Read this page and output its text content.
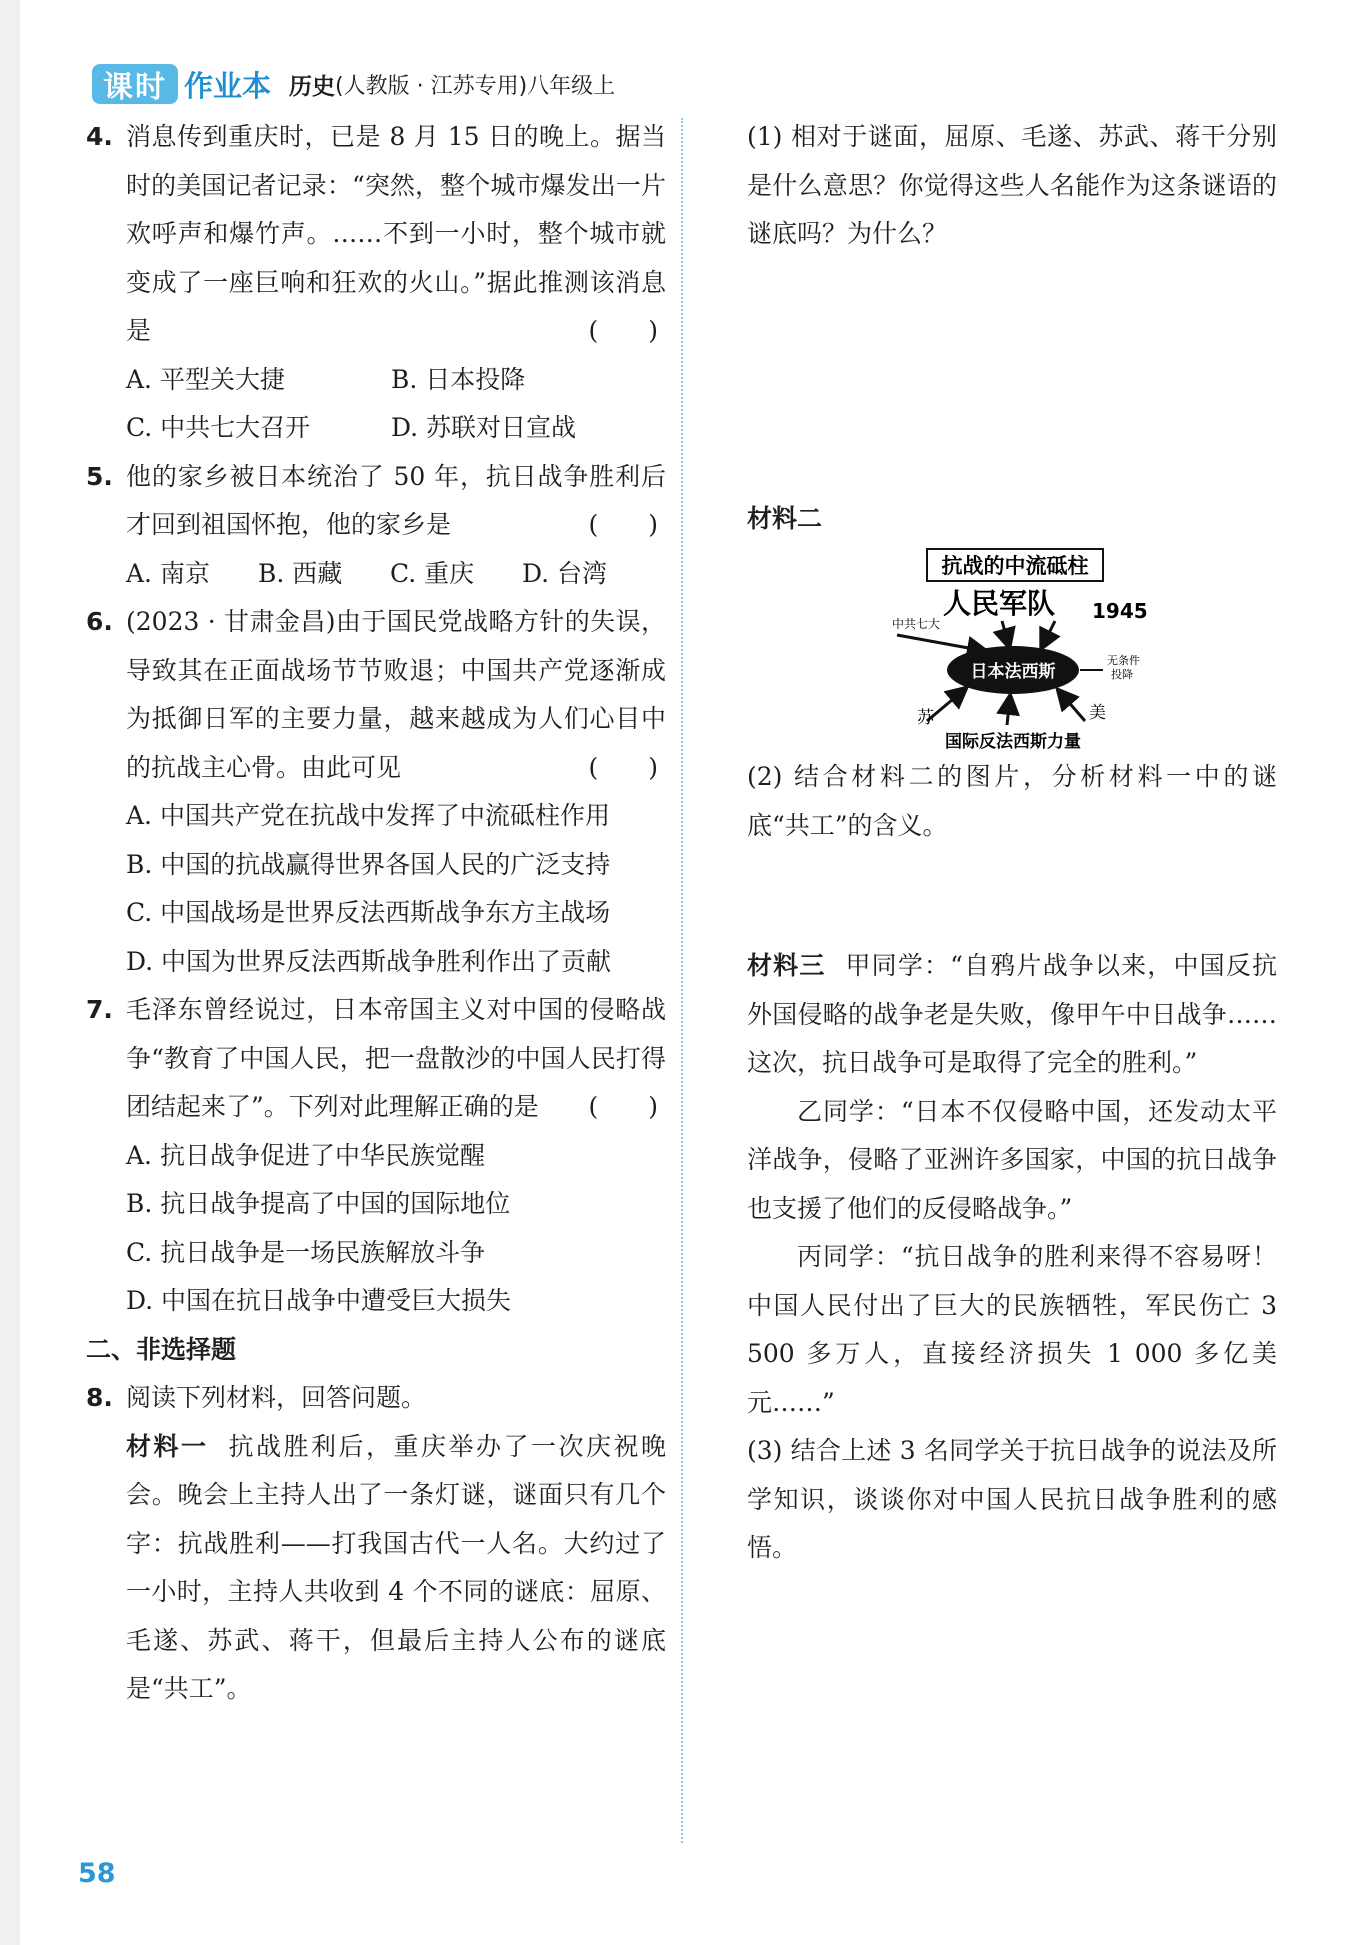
课时 作业本 历史 (人教版 · 江苏专用)八年级上
4. 消息传到重庆时，已是 8 月 15 日的晚上。据当时的美国记者记录：“突然，整个城市爆发出一片欢呼声和爆竹声。……不到一小时，整个城市就变成了一座巨响和狂欢的火山。”据此推测该消息是	(　　)
A. 平型关大捷	B. 日本投降
C. 中共七大召开	D. 苏联对日宣战
5. 他的家乡被日本统治了 50 年，抗日战争胜利后才回到祖国怀抱，他的家乡是	(　　)
A. 南京	B. 西藏	C. 重庆	D. 台湾
6. (2023 · 甘肃金昌)由于国民党战略方针的失误，导致其在正面战场节节败退；中国共产党逐渐成为抵御日军的主要力量，越来越成为人们心目中的抗战主心骨。由此可见	(　　)
A. 中国共产党在抗战中发挥了中流砥柱作用
B. 中国的抗战赢得世界各国人民的广泛支持
C. 中国战场是世界反法西斯战争东方主战场
D. 中国为世界反法西斯战争胜利作出了贡献
7. 毛泽东曾经说过，日本帝国主义对中国的侵略战争“教育了中国人民，把一盘散沙的中国人民打得团结起来了”。下列对此理解正确的是 (　　)
A. 抗日战争促进了中华民族觉醒
B. 抗日战争提高了中国的国际地位
C. 抗日战争是一场民族解放斗争
D. 中国在抗日战争中遭受巨大损失
二、非选择题
8. 阅读下列材料，回答问题。
材料一 抗战胜利后，重庆举办了一次庆祝晚会。晚会上主持人出了一条灯谜，谜面只有几个字：抗战胜利——打我国古代一人名。大约过了一小时，主持人共收到 4 个不同的谜底：屈原、毛遂、苏武、蒋干，但最后主持人公布的谜底是“共工”。
(1) 相对于谜面，屈原、毛遂、苏武、蒋干分别是什么意思？你觉得这些人名能作为这条谜语的谜底吗？为什么？
材料二
抗战的中流砥柱
人民军队 1945
中共七大
日本法西斯
无条件
投降
苏	美
国际反法西斯力量
(2) 结合材料二的图片，分析材料一中的谜底“共工”的含义。
材料三 甲同学：“自鸦片战争以来，中国反抗外国侵略的战争老是失败，像甲午中日战争……这次，抗日战争可是取得了完全的胜利。”
乙同学：“日本不仅侵略中国，还发动太平洋战争，侵略了亚洲许多国家，中国的抗日战争也支援了他们的反侵略战争。”
丙同学：“抗日战争的胜利来得不容易呀！中国人民付出了巨大的民族牺牲，军民伤亡 3 500 多万人，直接经济损失 1 000 多亿美元……”
(3) 结合上述 3 名同学关于抗日战争的说法及所学知识，谈谈你对中国人民抗日战争胜利的感悟。
58
